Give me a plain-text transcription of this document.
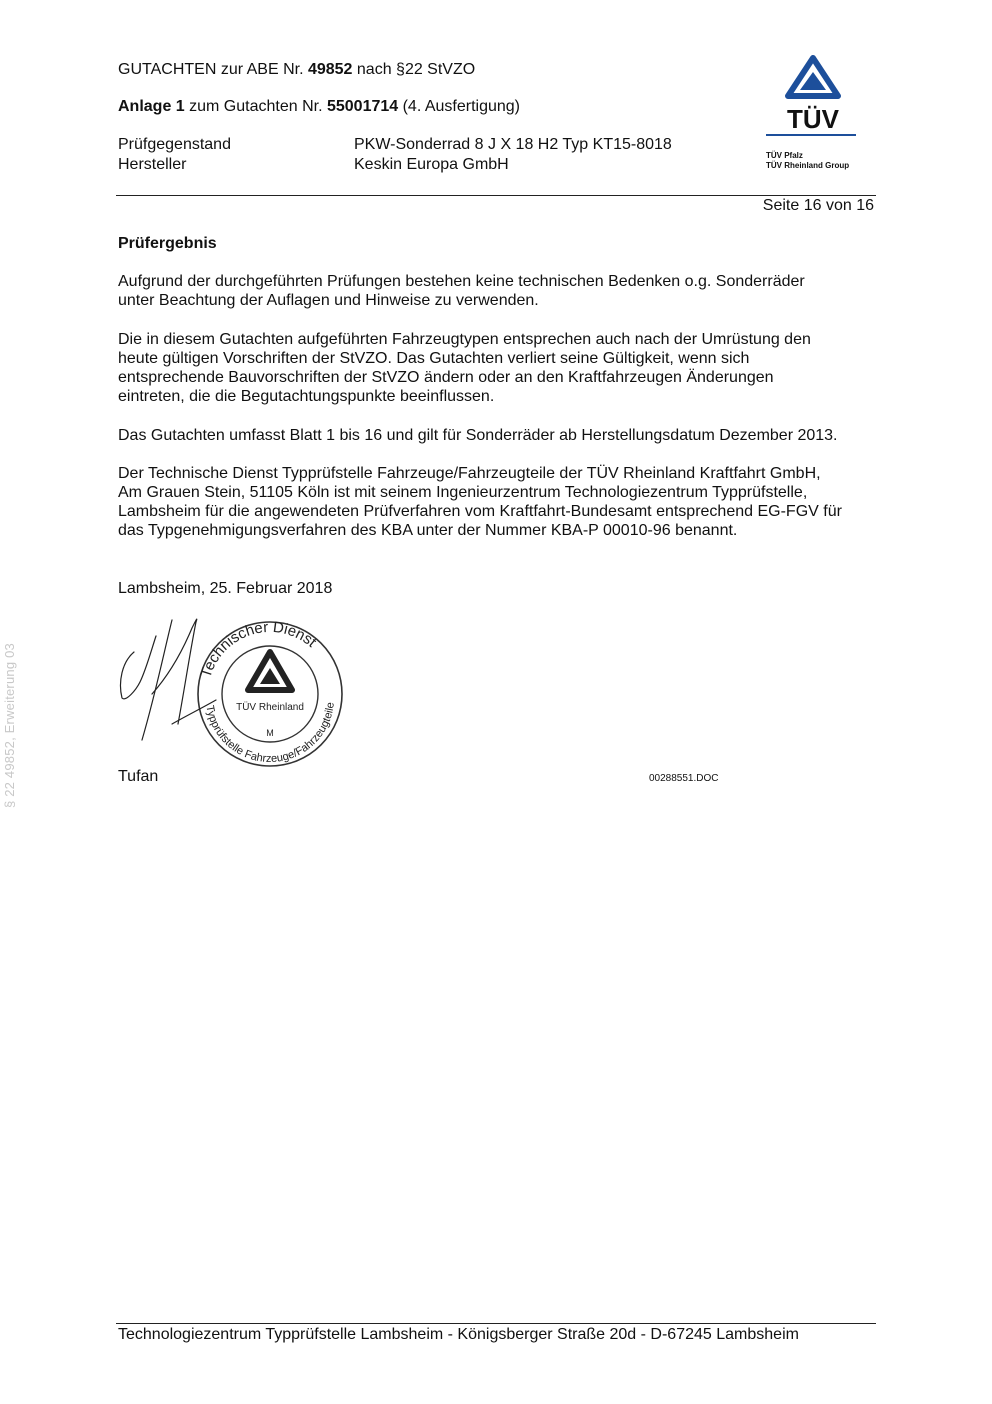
GUTACHTEN zur ABE Nr. 49852 nach §22 StVZO
Anlage 1 zum Gutachten Nr. 55001714 (4. Ausfertigung)
Prüfgegenstand
Hersteller
PKW-Sonderrad 8 J X 18 H2 Typ KT15-8018
Keskin Europa GmbH
TÜV
TÜV Pfalz
TÜV Rheinland Group
Seite 16 von 16
Prüfergebnis
Aufgrund der durchgeführten Prüfungen bestehen keine technischen Bedenken o.g. Sonderräder
unter Beachtung der Auflagen und Hinweise zu verwenden.
Die in diesem Gutachten aufgeführten Fahrzeugtypen entsprechen auch nach der Umrüstung den
heute gültigen Vorschriften der StVZO. Das Gutachten verliert seine Gültigkeit, wenn sich
entsprechende Bauvorschriften der StVZO ändern oder an den Kraftfahrzeugen Änderungen
eintreten, die die Begutachtungspunkte beeinflussen.
Das Gutachten umfasst Blatt 1 bis 16 und gilt für Sonderräder ab Herstellungsdatum Dezember 2013.
Der Technische Dienst Typprüfstelle Fahrzeuge/Fahrzeugteile der TÜV Rheinland Kraftfahrt GmbH,
Am Grauen Stein, 51105 Köln ist mit seinem Ingenieurzentrum Technologiezentrum Typprüfstelle,
Lambsheim für die angewendeten Prüfverfahren vom Kraftfahrt-Bundesamt entsprechend EG-FGV für
das Typgenehmigungsverfahren des KBA unter der Nummer KBA-P 00010-96 benannt.
Lambsheim, 25. Februar 2018
Technischer Dienst
Typprüfstelle Fahrzeuge/Fahrzeugteile
TÜV Rheinland
M
Tufan	00288551.DOC
§ 22 49852, Erweiterung 03
Technologiezentrum Typprüfstelle Lambsheim - Königsberger Straße 20d - D-67245 Lambsheim
